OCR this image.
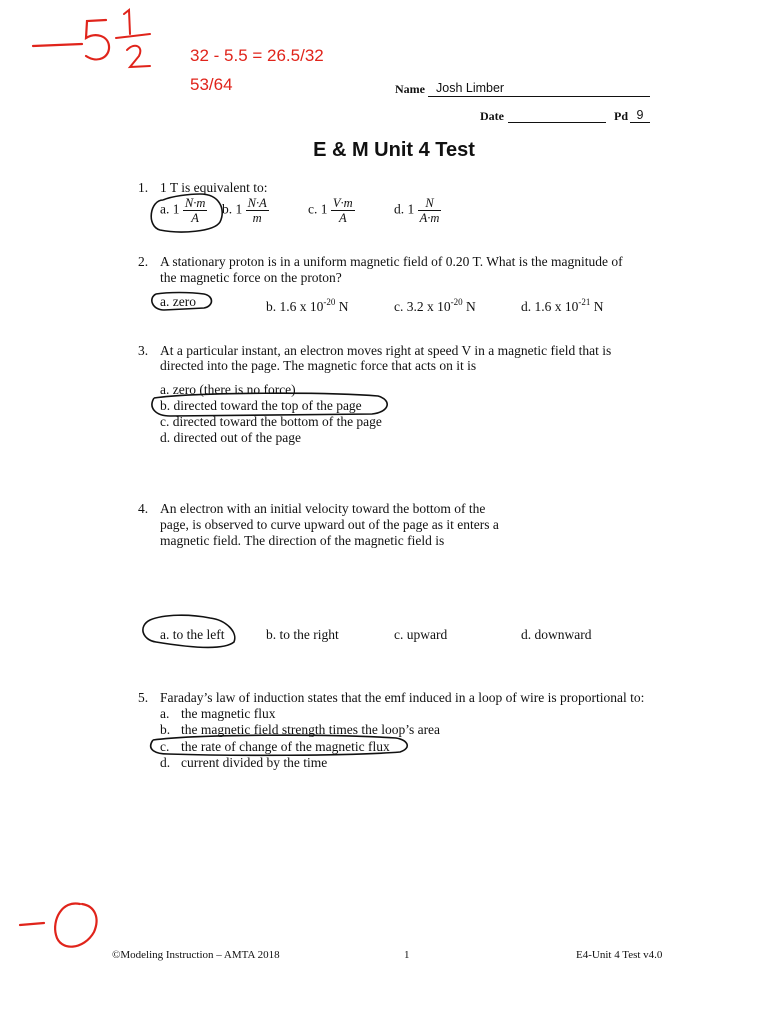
32 - 5.5 = 26.5/32
53/64	Name Josh Limber
Date	Pd 9
E & M Unit 4 Test
1. 1 T is equivalent to:
a. $1 \frac{N\cdot m}{A} b$. $1 \frac{N\cdot A}{m}$	c. $1 \frac{V\cdot m}{A}$	d. $1 \frac{N}{A\cdot m}$
2. A stationary proton is in a uniform magnetic field of 0.20 T. What is the magnitude of
the magnetic force on the proton?
a. zero	b. 1.6 x $10^{-20}$ N	c. 3.2 x $10^{-20}$ N	d. 1.6 x $10^{-21}$ N
3. At a particular instant, an electron moves right at speed V in a magnetic field that is
directed into the page. The magnetic force that acts on it is
a. zero (there is no force)
b. directed toward the top of the page
c. directed toward the bottom of the page
d. directed out of the page
4. An electron with an initial velocity toward the bottom of the
page, is observed to curve upward out of the page as it enters a
magnetic field. The direction of the magnetic field is
a. to the left	b. to the right	c. upward	d. downward
5. Faraday’s law of induction states that the emf induced in a loop of wire is proportional to:
a. the magnetic flux
b. the magnetic field strength times the loop’s area
c. the rate of change of the magnetic flux
d. current divided by the time
©Modeling Instruction – AMTA 2018	1	E4-Unit 4 Test v4.0
